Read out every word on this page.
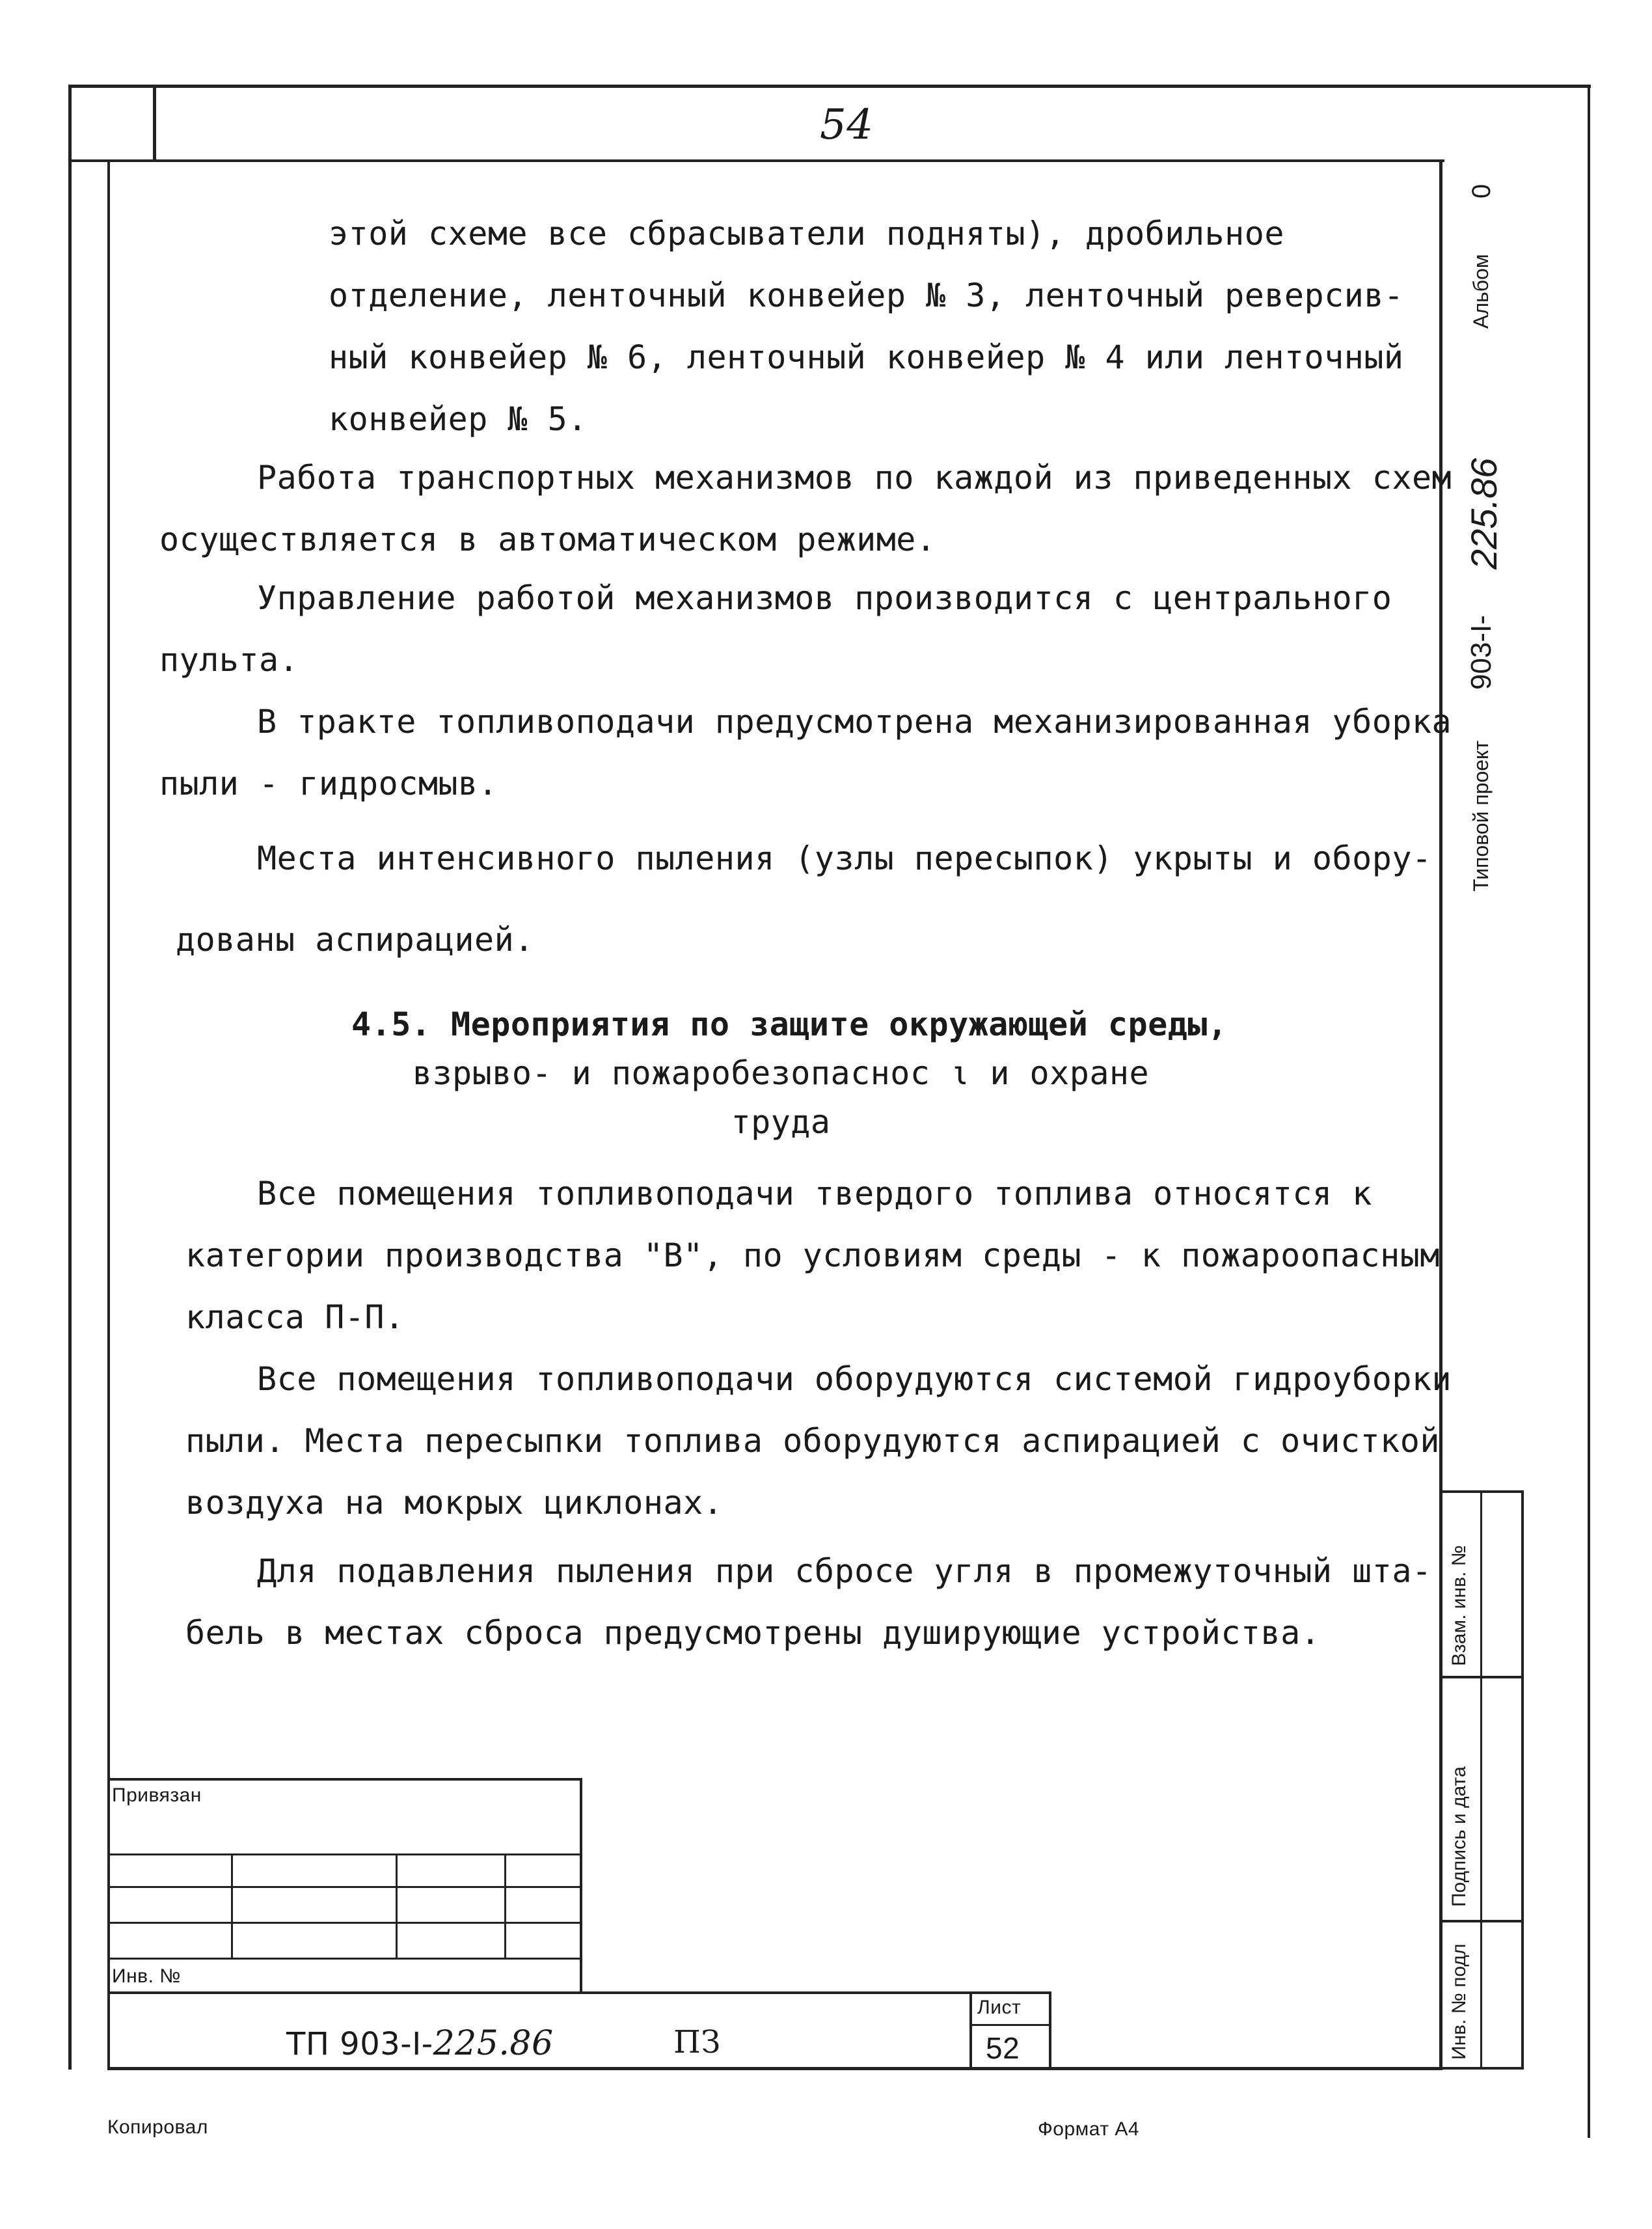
54
этой схеме все сбрасыватели подняты), дробильное
отделение, ленточный конвейер № 3, ленточный реверсив-
ный конвейер № 6, ленточный конвейер № 4 или ленточный
конвейер № 5.
Работа транспортных механизмов по каждой из приведенных схем
осуществляется в автоматическом режиме.
Управление работой механизмов производится с центрального
пульта.
В тракте топливоподачи предусмотрена механизированная уборка
пыли - гидросмыв.
Места интенсивного пыления (узлы пересыпок) укрыты и обору-
дованы аспирацией.
4.5. Мероприятия по защите окружающей среды,
взрыво- и пожаробезопаснос ι и охране
труда
Все помещения топливоподачи твердого топлива относятся к
категории производства "В", по условиям среды - к пожароопасным
класса П-П.
Все помещения топливоподачи оборудуются системой гидроуборки
пыли. Места пересыпки топлива оборудуются аспирацией с очисткой
воздуха на мокрых циклонах.
Для подавления пыления при сбросе угля в промежуточный шта-
бель в местах сброса предусмотрены душирующие устройства.
Альбом
0
Типовой проект
903-I-
225.86
Взам. инв. №
Подпись и дата
Инв. № подл
Привязан
Инв. №
ТП 903-I-225.86	ПЗ
Лист
52
Копировал	Формат А4
